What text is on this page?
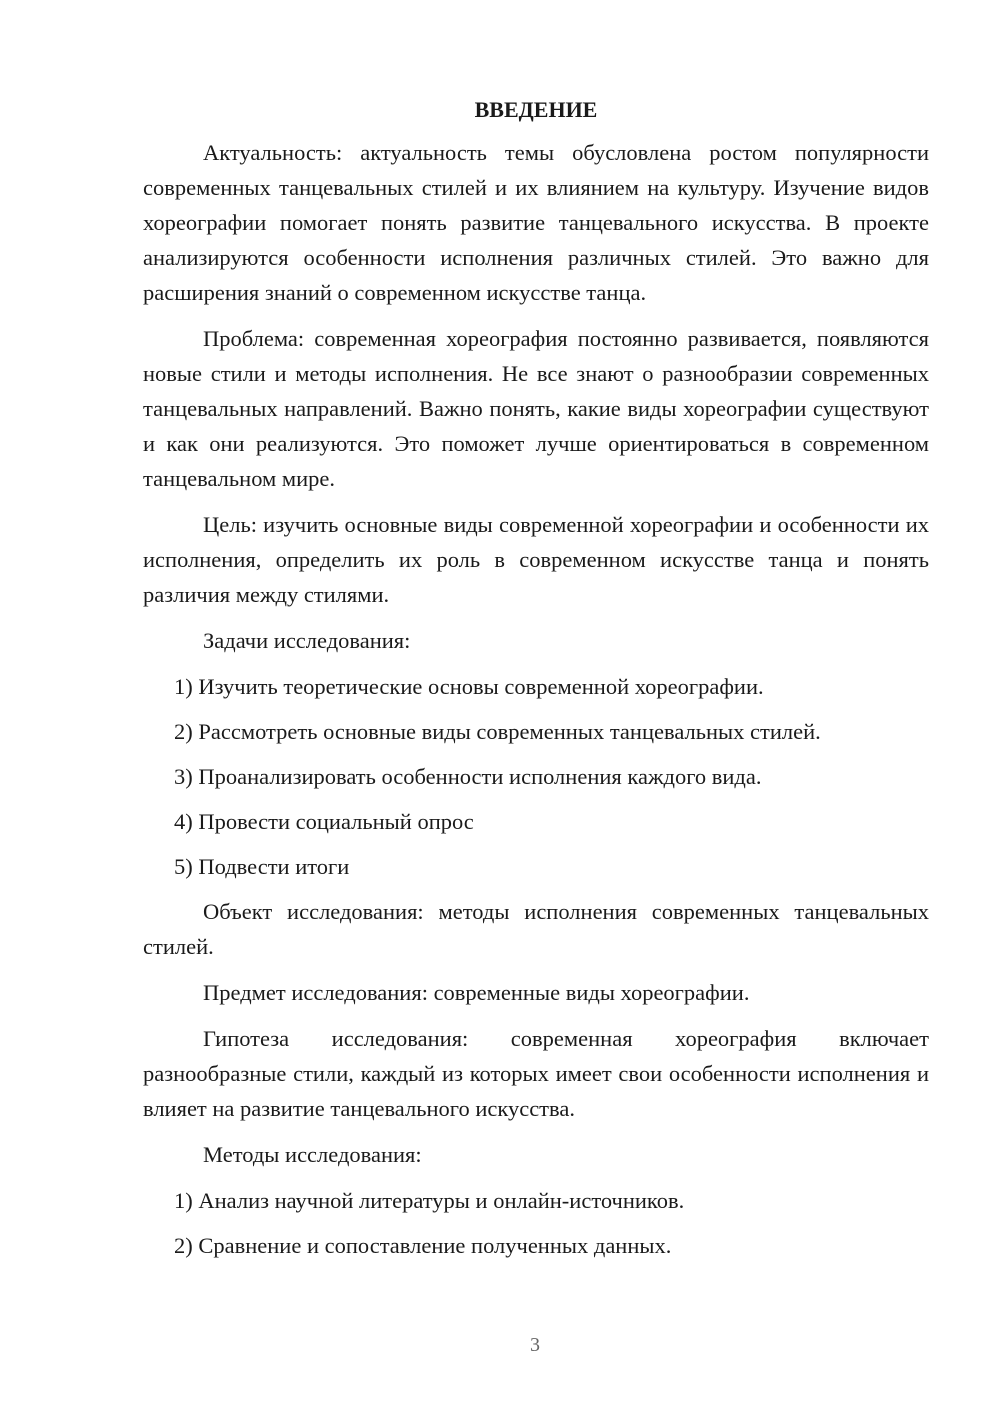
ВВЕДЕНИЕ

Актуальность: актуальность темы обусловлена ростом популярности современных танцевальных стилей и их влиянием на культуру. Изучение видов хореографии помогает понять развитие танцевального искусства. В проекте анализируются особенности исполнения различных стилей. Это важно для расширения знаний о современном искусстве танца.

Проблема: современная хореография постоянно развивается, появляются новые стили и методы исполнения. Не все знают о разнообразии современных танцевальных направлений. Важно понять, какие виды хореографии существуют и как они реализуются. Это поможет лучше ориентироваться в современном танцевальном мире.

Цель: изучить основные виды современной хореографии и особенности их исполнения, определить их роль в современном искусстве танца и понять различия между стилями.

Задачи исследования:

1) Изучить теоретические основы современной хореографии.
2) Рассмотреть основные виды современных танцевальных стилей.
3) Проанализировать особенности исполнения каждого вида.
4) Провести социальный опрос
5) Подвести итоги

Объект исследования: методы исполнения современных танцевальных стилей.

Предмет исследования: современные виды хореографии.

Гипотеза исследования: современная хореография включает разнообразные стили, каждый из которых имеет свои особенности исполнения и влияет на развитие танцевального искусства.

Методы исследования:

1) Анализ научной литературы и онлайн-источников.
2) Сравнение и сопоставление полученных данных.
3
